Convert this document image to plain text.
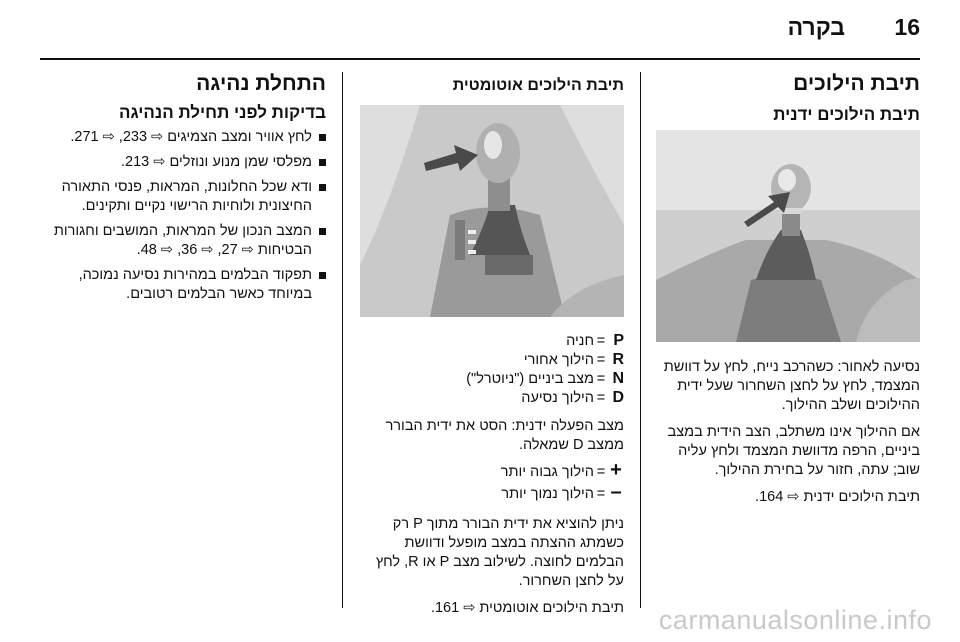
בקרה 16
תיבת הילוכים
תיבת הילוכים ידנית

נסיעה לאחור: כשהרכב נייח, לחץ על דוושת המצמד, לחץ על לחצן השחרור שעל ידית ההילוכים ושלב ההילוך.

אם ההילוך אינו משתלב, הצב הידית במצב ביניים, הרפה מדוושת המצמד ולחץ עליה שוב; עתה, חזור על בחירת ההילוך.

תיבת הילוכים ידנית ⇨ 164.

תיבת הילוכים אוטומטית
P
=
חניה
R
=
הילוך אחורי
N
=
מצב ביניים ("ניוטרל")
D
=
הילוך נסיעה

מצב הפעלה ידנית: הסט את ידית הבורר ממצב D שמאלה.

+
=
הילוך גבוה יותר
–
=
הילוך נמוך יותר

ניתן להוציא את ידית הבורר מתוך P רק כשמתג ההצתה במצב מופעל ודוושת הבלמים לחוצה. לשילוב מצב P או R, לחץ על לחצן השחרור.

תיבת הילוכים אוטומטית ⇨ 161.

התחלת נהיגה
בדיקות לפני תחילת הנהיגה
לחץ אוויר ומצב הצמיגים ⇨ 233, ⇨ 271.
מפלסי שמן מנוע ונוזלים ⇨ 213.
ודא שכל החלונות, המראות, פנסי התאורה החיצונית ולוחיות הרישוי נקיים ותקינים.
המצב הנכון של המראות, המושבים וחגורות הבטיחות ⇨ 27, ⇨ 36, ⇨ 48.
תפקוד הבלמים במהירות נסיעה נמוכה, במיוחד כאשר הבלמים רטובים.
carmanualsonline.info
